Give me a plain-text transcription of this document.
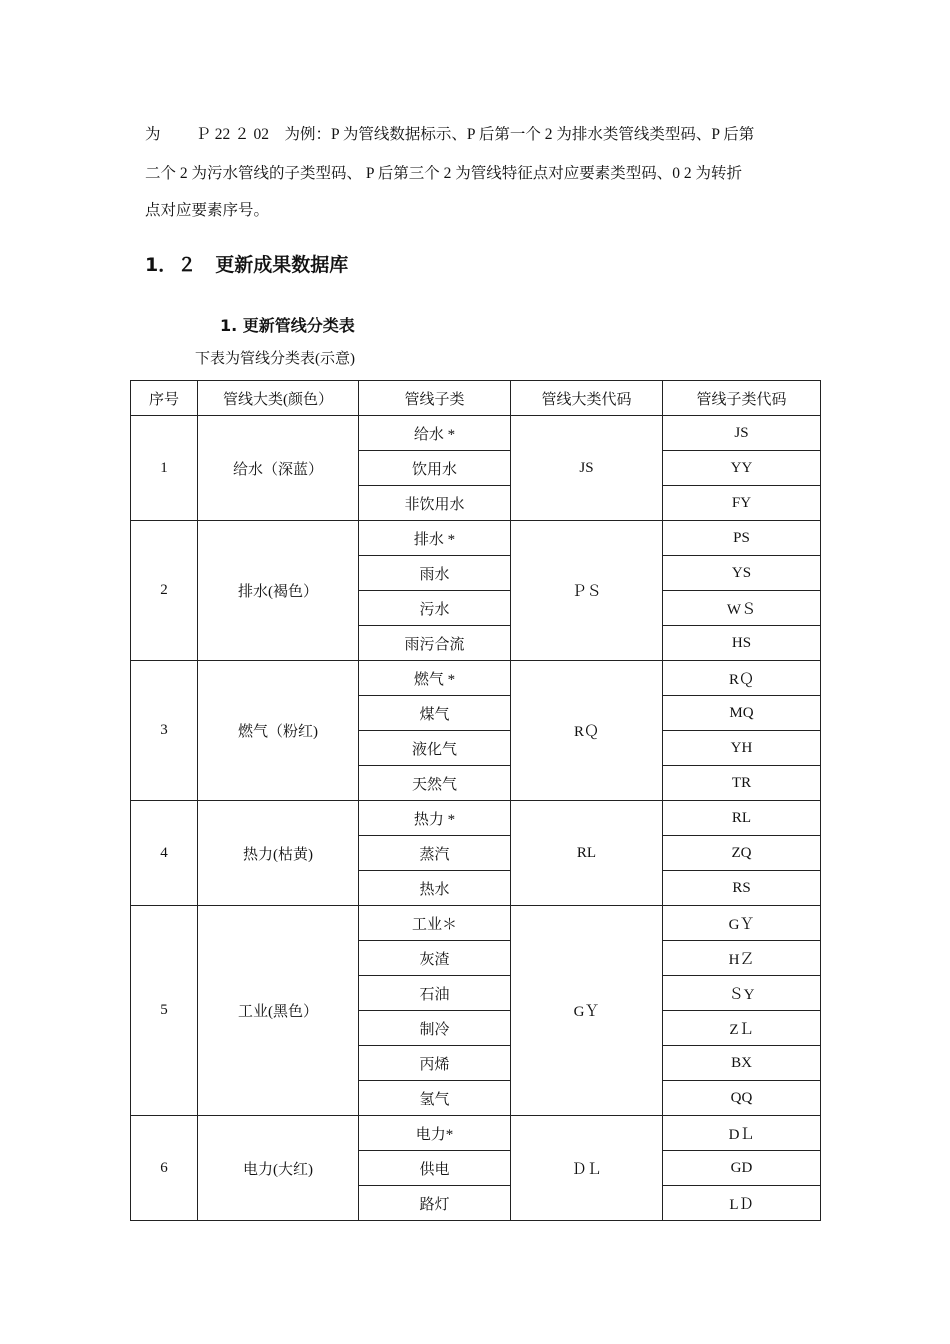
为　　 Ｐ 22 ２ 02　为例：P 为管线数据标示、P 后第一个 2 为排水类管线类型码、P 后第

二个 2 为污水管线的子类型码、 P 后第三个 2 为管线特征点对应要素类型码、0 2 为转折

点对应要素序号。

1．２　更新成果数据库
1. 更新管线分类表

下表为管线分类表(示意)

序号	管线大类(颜色）	管线子类	管线大类代码	管线子类代码
1	给水（深蓝）	给水 *	JS	JS
		饮用水		YY
		非饮用水		FY
2	排水(褐色）	排水 *	ＰＳ	PS
		雨水		YS
		污水		WＳ
		雨污合流		HS
3	燃气（粉红)	燃气 *	RＱ	RＱ
		煤气		MQ
		液化气		YH
		天然气		TR
4	热力(枯黄)	热力 *	RL	RL
		蒸汽		ZQ
		热水		RS
5	工业(黑色）	工业＊	GＹ	GＹ
		灰渣		HＺ
		石油		ＳY
		制冷		ZＬ
		丙烯		BX
		氢气		QQ
6	电力(大红)	电力*	ＤＬ	DＬ
		供电		GD
		路灯		LＤ
